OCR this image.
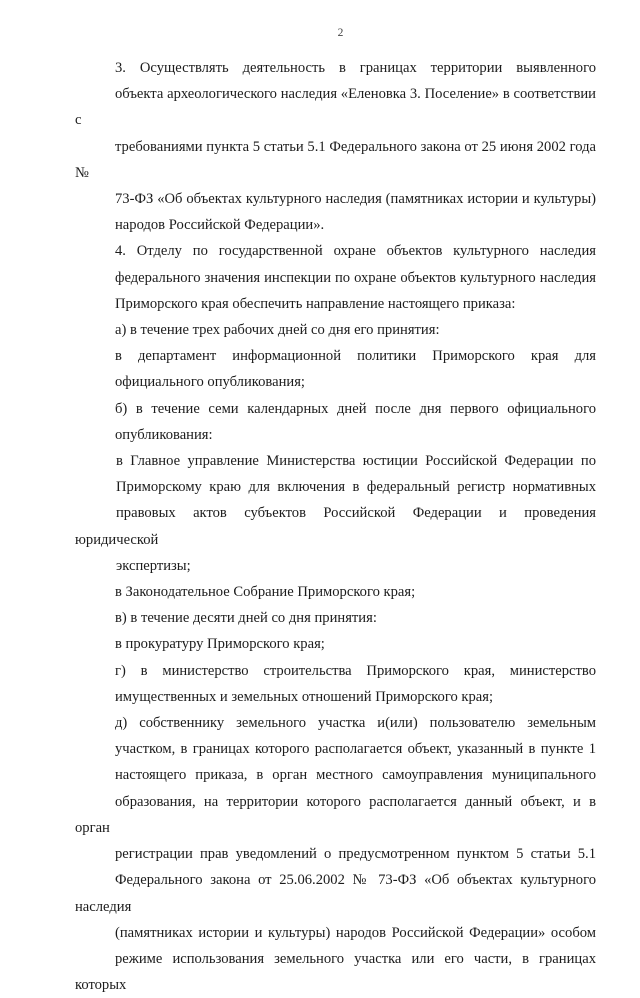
2

3. Осуществлять деятельность в границах территории выявленного
объекта археологического наследия «Еленовка 3. Поселение» в соответствии с
требованиями пункта 5 статьи 5.1 Федерального закона от 25 июня 2002 года №
73-ФЗ «Об объектах культурного наследия (памятниках истории и культуры)
народов Российской Федерации».

4. Отделу по государственной охране объектов культурного наследия
федерального значения инспекции по охране объектов культурного наследия
Приморского края обеспечить направление настоящего приказа:

а) в течение трех рабочих дней со дня его принятия:

в департамент информационной политики Приморского края для
официального опубликования;

б) в течение семи календарных дней после дня первого официального
опубликования:

в Главное управление Министерства юстиции Российской Федерации по
Приморскому краю для включения в федеральный регистр нормативных
правовых актов субъектов Российской Федерации и проведения юридической
экспертизы;

в Законодательное Собрание Приморского края;

в) в течение десяти дней со дня принятия:

в прокуратуру Приморского края;

г) в министерство строительства Приморского края, министерство
имущественных и земельных отношений Приморского края;

д) собственнику земельного участка и(или) пользователю земельным
участком, в границах которого располагается объект, указанный в пункте 1
настоящего приказа, в орган местного самоуправления муниципального
образования, на территории которого располагается данный объект, и в орган
регистрации прав уведомлений о предусмотренном пунктом 5 статьи 5.1
Федерального закона от 25.06.2002 № 73-ФЗ «Об объектах культурного наследия
(памятниках истории и культуры) народов Российской Федерации» особом
режиме использования земельного участка или его части, в границах которых
